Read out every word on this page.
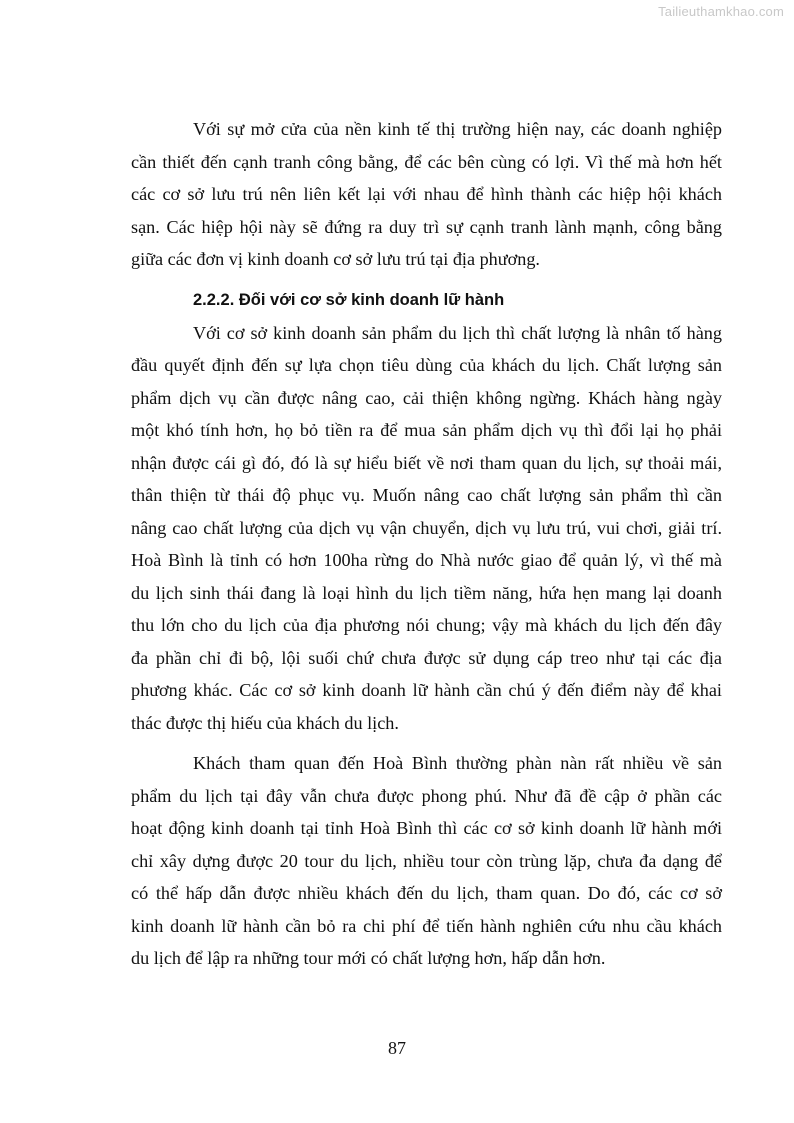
Tailieuthamkhao.com
Với sự mở cửa của nền kinh tế thị trường hiện nay, các doanh nghiệp
cần thiết đến cạnh tranh công bằng, để các bên cùng có lợi. Vì thế mà hơn hết
các cơ sở lưu trú nên liên kết lại với nhau để hình thành các hiệp hội khách
sạn. Các hiệp hội này sẽ đứng ra duy trì sự cạnh tranh lành mạnh, công bằng
giữa các đơn vị kinh doanh cơ sở lưu trú tại địa phương.
2.2.2. Đối với cơ sở kinh doanh lữ hành
Với cơ sở kinh doanh sản phẩm du lịch thì chất lượng là nhân tố hàng
đầu quyết định đến sự lựa chọn tiêu dùng của khách du lịch. Chất lượng sản
phẩm dịch vụ cần được nâng cao, cải thiện không ngừng. Khách hàng ngày
một khó tính hơn, họ bỏ tiền ra để mua sản phẩm dịch vụ thì đổi lại họ phải
nhận được cái gì đó, đó là sự hiểu biết về nơi tham quan du lịch, sự thoải mái,
thân thiện từ thái độ phục vụ. Muốn nâng cao chất lượng sản phẩm thì cần
nâng cao chất lượng của dịch vụ vận chuyển, dịch vụ lưu trú, vui chơi, giải trí.
Hoà Bình là tỉnh có hơn 100ha rừng do Nhà nước giao để quản lý, vì thế mà
du lịch sinh thái đang là loại hình du lịch tiềm năng, hứa hẹn mang lại doanh
thu lớn cho du lịch của địa phương nói chung; vậy mà khách du lịch đến đây
đa phần chỉ đi bộ, lội suối chứ chưa được sử dụng cáp treo như tại các địa
phương khác. Các cơ sở kinh doanh lữ hành cần chú ý đến điểm này để khai
thác được thị hiếu của khách du lịch.
Khách tham quan đến Hoà Bình thường phàn nàn rất nhiều về sản
phẩm du lịch tại đây vẫn chưa được phong phú. Như đã đề cập ở phần các
hoạt động kinh doanh tại tỉnh Hoà Bình thì các cơ sở kinh doanh lữ hành mới
chỉ xây dựng được 20 tour du lịch, nhiều tour còn trùng lặp, chưa đa dạng để
có thể hấp dẫn được nhiều khách đến du lịch, tham quan. Do đó, các cơ sở
kinh doanh lữ hành cần bỏ ra chi phí để tiến hành nghiên cứu nhu cầu khách
du lịch để lập ra những tour mới có chất lượng hơn, hấp dẫn hơn.
87
